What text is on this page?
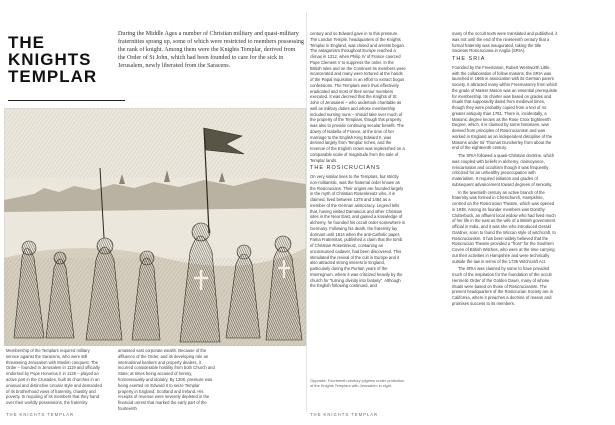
THE
KNIGHTS
TEMPLAR
During the Middle Ages a number of Christian military and quasi-military fraternities sprang up, some of which were restricted to members possessing the rank of knight. Among them were the Knights Templar, derived from the Order of St John, which had been founded to care for the sick in Jerusalem, newly liberated from the Saracens.

Membership of the Templars required military service against the Saracens, who were still threatening Jerusalem with Muslim conquest. The Order – founded in Jerusalem in 1119 and officially endorsed by Pope Honorius II in 1128 – played an active part in the Crusades, built its churches in an unusual and distinctive circular style and demanded of its brotherhood vows of fraternity, chastity and poverty. In requiring of its members that they hand over their worldly possessions, the fraternity

amassed vast corporate wealth. Because of the affluence of the Order, and its developing role as international bankers and property dealers, it incurred considerable hostility from both Church and State; at times being accused of heresy, homosexuality and idolatry. By 1308, pressure was being exerted on Edward II to seize Templar property in England, Scotland and Ireland. His receipts of revenue were severely depleted in the financial unrest that marked the early part of the fourteenth

century and so Edward gave in to this pressure. The London Temple, headquarters of the Knights Templar in England, was closed and arrests began. The antagonism throughout Europe reached a climax in 1312, when Philip IV of France coerced Pope Clement V to suppress the order. In the British Isles and on the Continent its members were incarcerated and many were tortured at the hands of the Papal Inquisition in an effort to extract bogus confessions. The Templars were thus effectively eradicated and most of their senior members executed. It was decreed that the Knights of St John of Jerusalem – who undertook charitable as well as military duties and whose membership included nursing nuns – should take over much of the property of the Templars, though this property was also to provide continuing secular benefit. The dowry of Isabella of France, at the time of her marriage to the English King Edward II, was derived largely from Templar riches, and the revenue of the English crown was replenished on a comparable scale of magnitude from the sale of Templar lands.

THE ROSICRUCIANS

On very similar lines to the Templars, but strictly non-militaristic, was the fraternal order known as the Rosicrucians. Their origins are founded largely in the myth of Christian Rosenkreutz who, it is claimed, lived between 1378 and 1484 as a member of the German aristocracy. Legend tells that, having visited Damascus and other Christian sites in the Near East, and gained a knowledge of alchemy, he founded his occult order somewhere in Germany. Following his death, the fraternity lay dormant until 1614 when the anti-Catholic paper, Fama Fraternitas, published a claim that the tomb of Christian Rosenkreutz, containing an unconsumed cadaver, had been discovered. This stimulated the revival of the cult in Europe and it also attracted strong interest in England, particularly during the Puritan years of the Interregnum, where it was criticized heavily by the church for "turning divinity into fantasy". Although the English following continued, and

Opposite: Fourteenth-century pilgrims under protection of the Knights Templars with Jerusalem in sight.

many of the occult texts were translated and published, it was not until the end of the nineteenth century that a formal fraternity was inaugurated, taking the title Societas Rosicruciana in Anglia (SRIA).

THE SRIA

Founded by the Freemason, Robert Wentworth Little, with the collaboration of fellow masons, the SRIA was launched in 1865 in association with its German parent society. It attracted many within Freemasonry from which the grade of Master Mason was an essential prerequisite for membership. Its charter was based on grades and rituals that supposedly dated from medieval times, though they were probably copied from a text of no greater antiquity than 1781. There is, incidentally, a Masonic degree known as the Rose Croix Eighteenth Degree, which, it is claimed by some historians, was derived from principles of Rosicrucianism and was worked in England as an independent discipline of the Masons under Sir Thomas Dunckerley from about the end of the eighteenth century.

The SRIA followed a quasi-Christian doctrine, which was coupled with beliefs in alchemy, clairvoyance, reincarnation and occultism though it was frequently criticized for an unhealthy preoccupation with materialism. It required initiation and grades of subsequent advancement toward degrees of seniority.

In the twentieth century an active branch of the fraternity was formed in Christchurch, Hampshire, centred on the Rosicrucian Theatre, which was opened in 1938. Among its founder members was Dorothy Clutterbuck, an affluent local widow who had lived much of her life in the east as the wife of a British government official in India, and it was she who introduced Gerald Gardner, soon to found the Wiccan style of witchcraft, to Rosicrucianism. It has been widely believed that the Rosicrucian Theatre provided a "front" for the Southern Coven of British Witches, who were at the time carrying out their activities in Hampshire and were technically outside the law in terms of the 1735 Witchcraft Act.

The SRIA was claimed by some to have provided much of the inspiration for the foundation of the occult Hermetic Order of the Golden Dawn, many of whose rituals were based on those of Rosicrucianism. The present headquarters of the Rosicrucian Society are in California, where it preaches a doctrine of reason and promises success to its members.

THE KNIGHTS TEMPLAR	THE KNIGHTS TEMPLAR
